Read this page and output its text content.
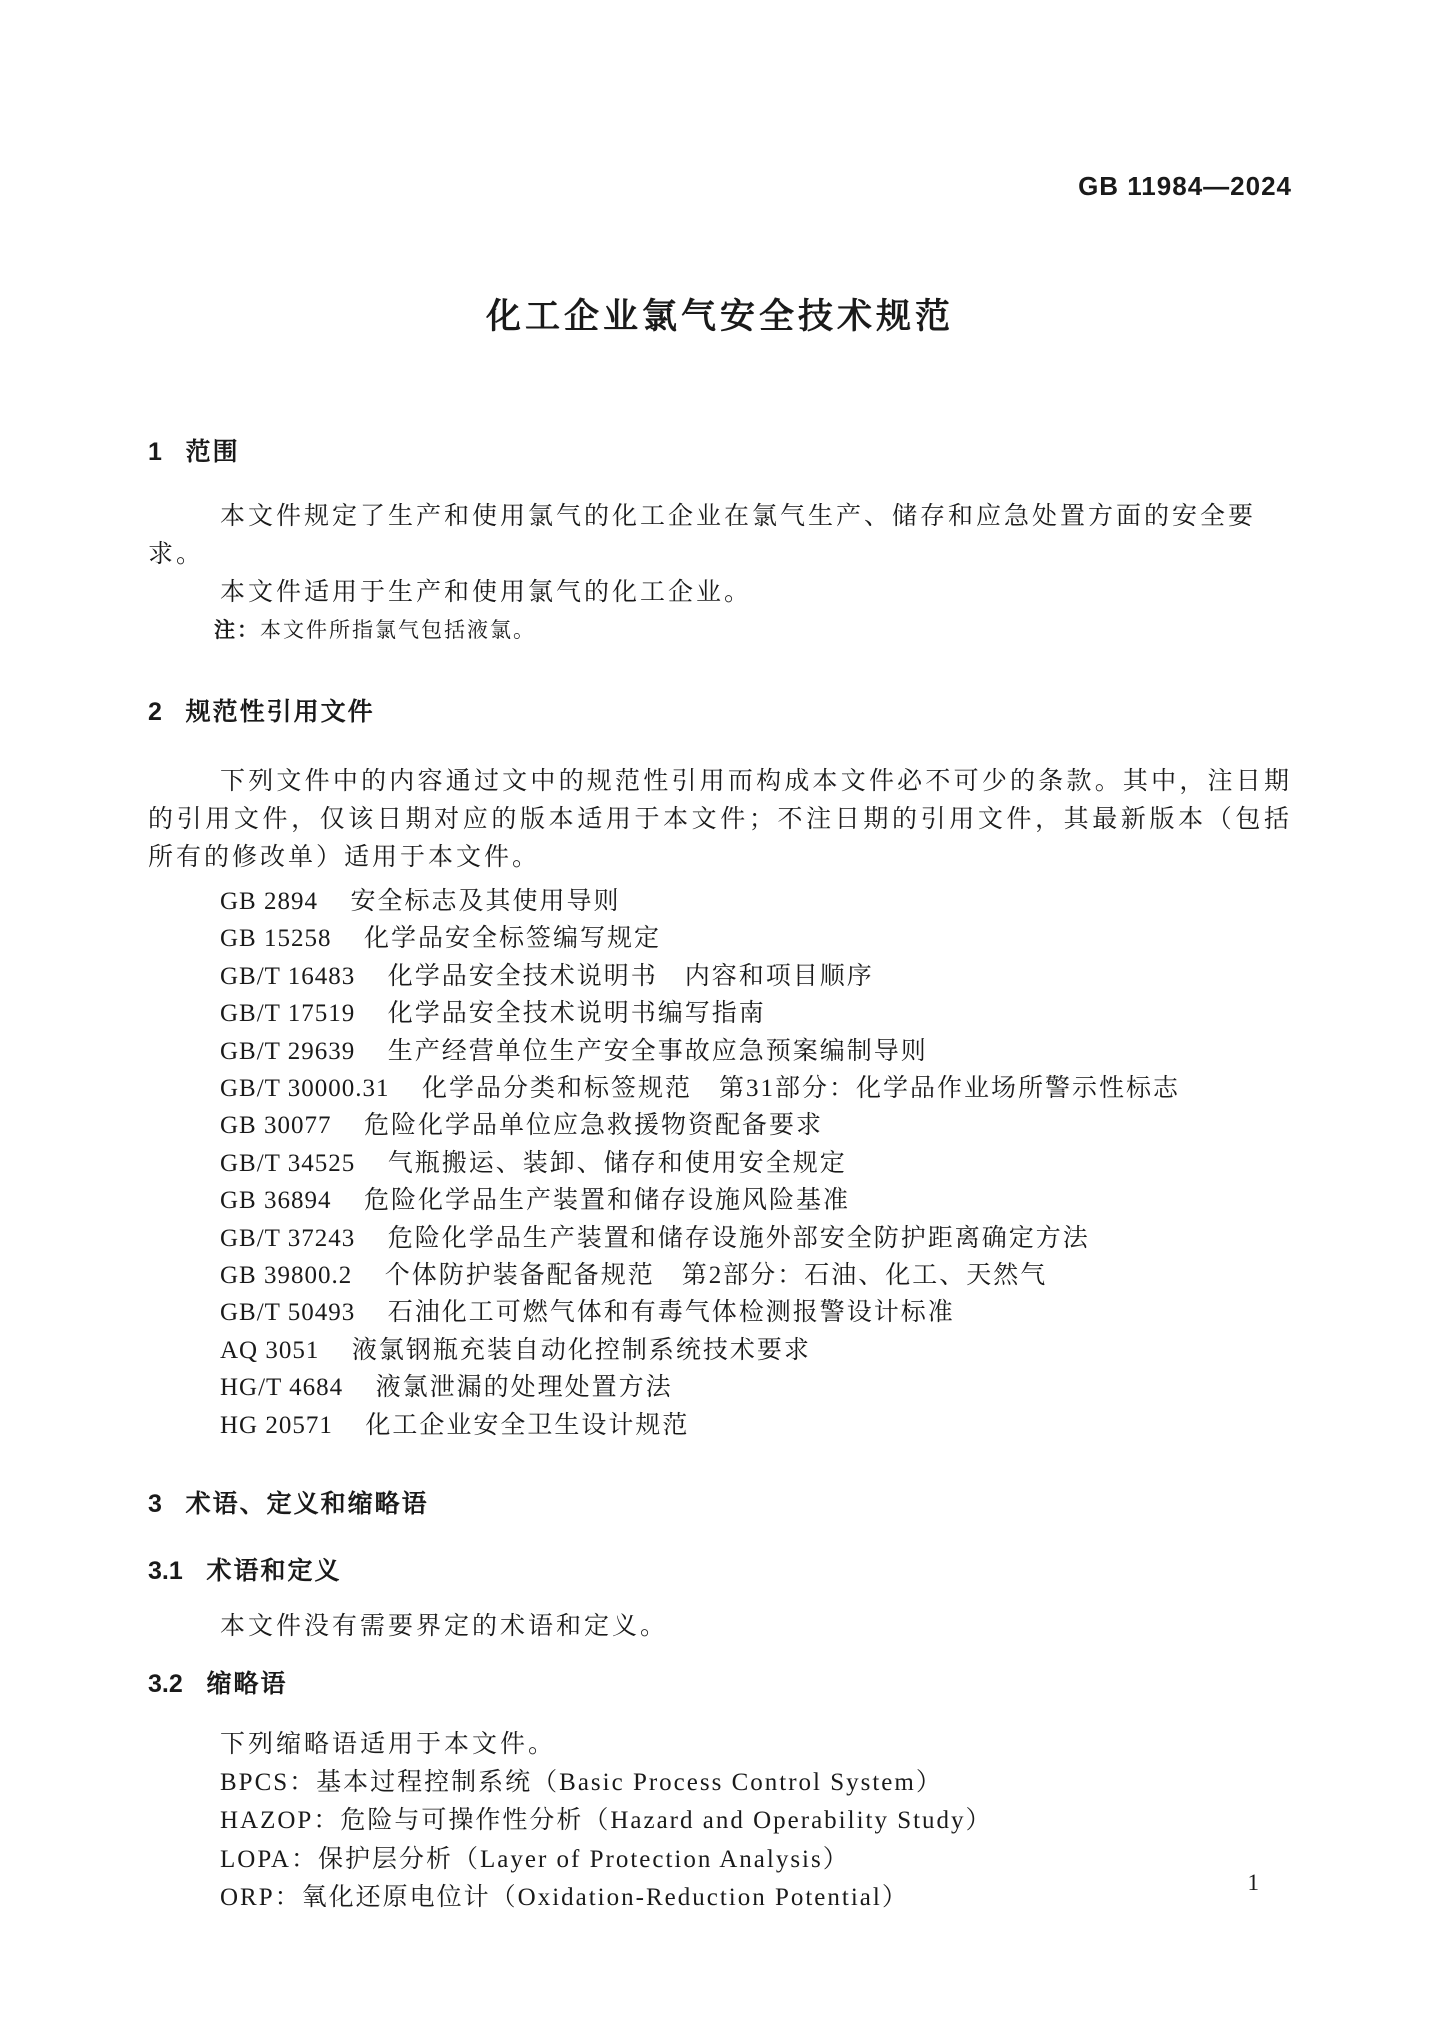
GB 11984—2024
化工企业氯气安全技术规范
1 范围

本文件规定了生产和使用氯气的化工企业在氯气生产、储存和应急处置方面的安全要求。

本文件适用于生产和使用氯气的化工企业。

注：本文件所指氯气包括液氯。

2 规范性引用文件

下列文件中的内容通过文中的规范性引用而构成本文件必不可少的条款。其中，注日期的引用文件，仅该日期对应的版本适用于本文件；不注日期的引用文件，其最新版本（包括所有的修改单）适用于本文件。

GB 2894 安全标志及其使用导则

GB 15258 化学品安全标签编写规定

GB/T 16483 化学品安全技术说明书　内容和项目顺序

GB/T 17519 化学品安全技术说明书编写指南

GB/T 29639 生产经营单位生产安全事故应急预案编制导则

GB/T 30000.31 化学品分类和标签规范　第31部分：化学品作业场所警示性标志

GB 30077 危险化学品单位应急救援物资配备要求

GB/T 34525 气瓶搬运、装卸、储存和使用安全规定

GB 36894 危险化学品生产装置和储存设施风险基准

GB/T 37243 危险化学品生产装置和储存设施外部安全防护距离确定方法

GB 39800.2 个体防护装备配备规范　第2部分：石油、化工、天然气

GB/T 50493 石油化工可燃气体和有毒气体检测报警设计标准

AQ 3051 液氯钢瓶充装自动化控制系统技术要求

HG/T 4684 液氯泄漏的处理处置方法

HG 20571 化工企业安全卫生设计规范

3 术语、定义和缩略语
3.1 术语和定义

本文件没有需要界定的术语和定义。

3.2 缩略语

下列缩略语适用于本文件。

BPCS：基本过程控制系统（Basic Process Control System）

HAZOP：危险与可操作性分析（Hazard and Operability Study）

LOPA：保护层分析（Layer of Protection Analysis）

ORP：氧化还原电位计（Oxidation-Reduction Potential）

1
